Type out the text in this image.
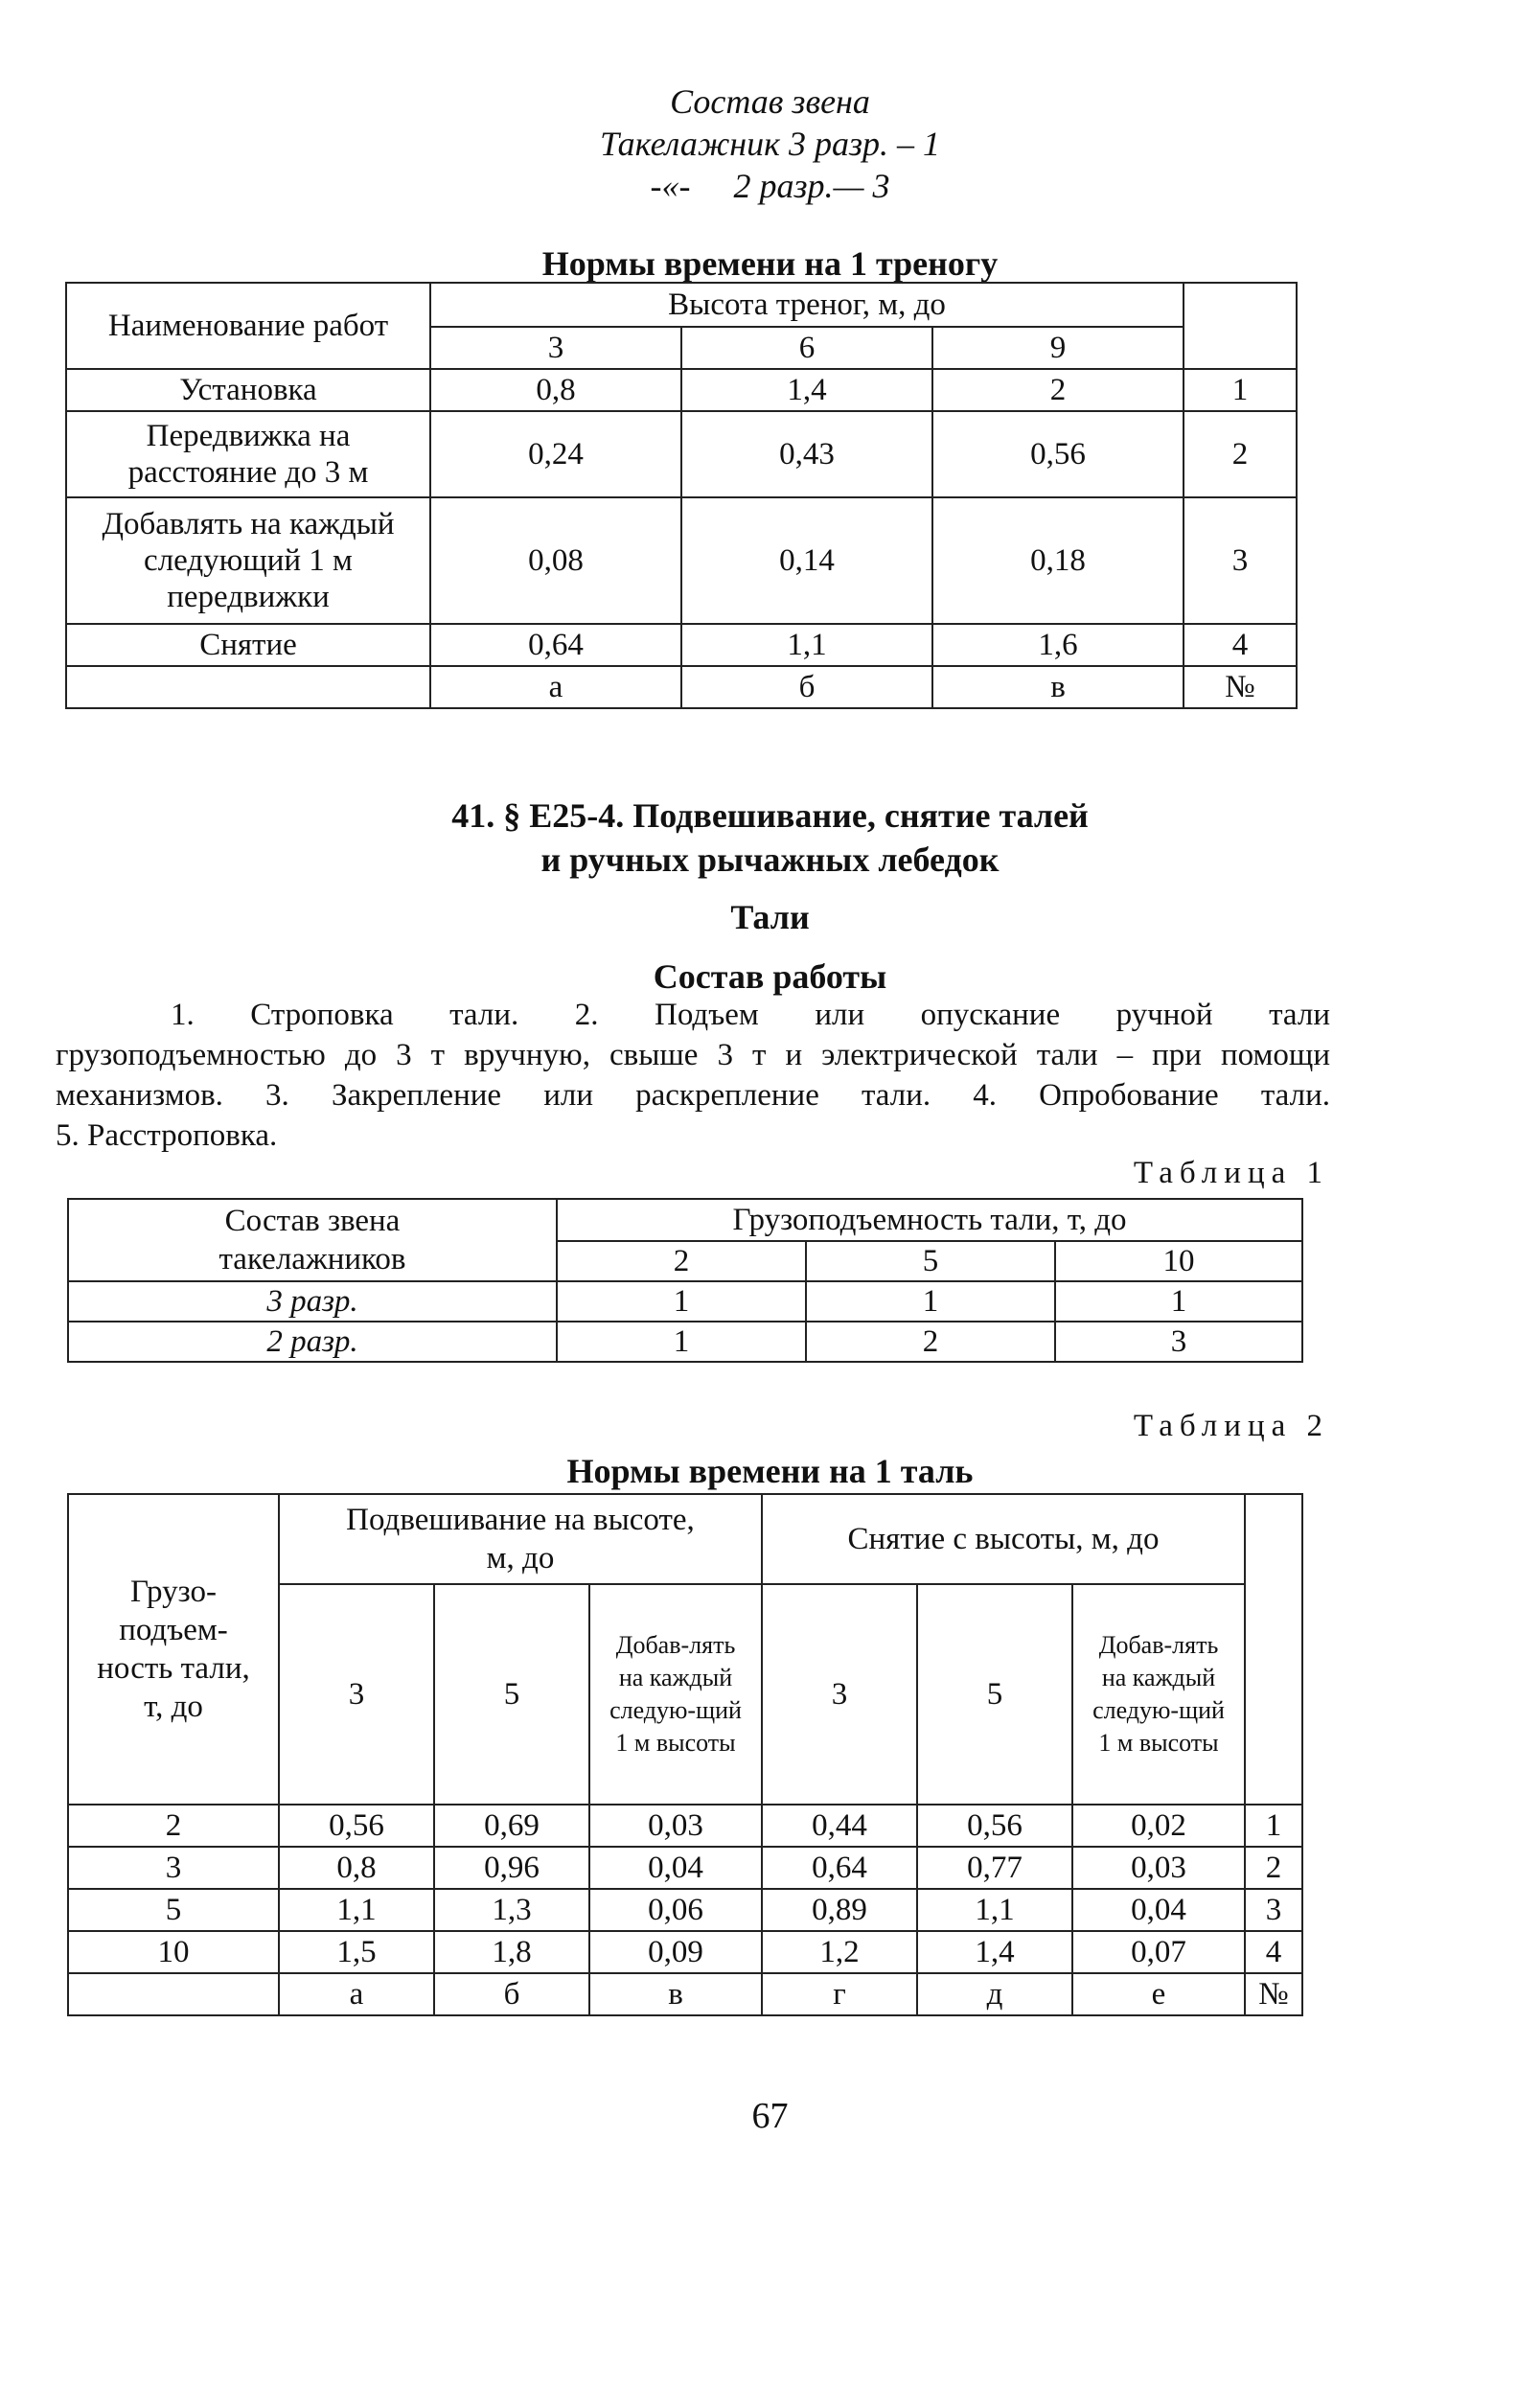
Состав звена
Такелажник 3 разр. – 1
-«-     2 разр.— 3
Нормы времени на 1 треногу
Наименование работ	Высота треног, м, до			
	3	6	9	
Установка	0,8	1,4	2	1
Передвижка на расстояние до 3 м	0,24	0,43	0,56	2
Добавлять на каждый следующий 1 м передвижки	0,08	0,14	0,18	3
Снятие	0,64	1,1	1,6	4
	а	б	в	№
41. § Е25-4. Подвешивание, снятие талей
и ручных рычажных лебедок
Тали
Состав работы
1. Строповка тали. 2. Подъем или опускание ручной тали
грузоподъемностью до 3 т вручную, свыше 3 т и электрической тали – при помощи
механизмов. 3. Закрепление или раскрепление тали. 4. Опробование тали.
5. Расстроповка.
Таблица 1
Состав звена такелажников	Грузоподъемность тали, т, до		
	2	5	10
3 разр.	1	1	1
2 разр.	1	2	3
Таблица 2
Нормы времени на 1 таль
Грузо-подъем-ность тали, т, до	Подвешивание на высоте, м, до			Снятие с высоты, м, до			
	3	5	Добав-лять на каждый следую-щий 1 м высоты	3	5	Добав-лять на каждый следую-щий 1 м высоты	
2	0,56	0,69	0,03	0,44	0,56	0,02	1
3	0,8	0,96	0,04	0,64	0,77	0,03	2
5	1,1	1,3	0,06	0,89	1,1	0,04	3
10	1,5	1,8	0,09	1,2	1,4	0,07	4
	а	б	в	г	д	е	№
67
